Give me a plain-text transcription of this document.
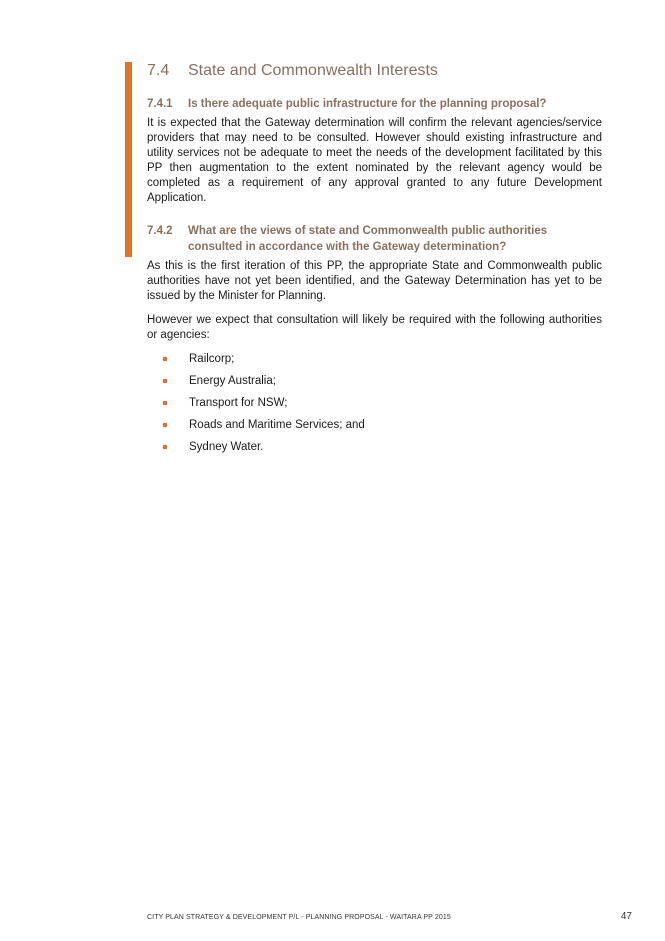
7.4 State and Commonwealth Interests
7.4.1	Is there adequate public infrastructure for the planning proposal?

It is expected that the Gateway determination will confirm the relevant agencies/service providers that may need to be consulted. However should existing infrastructure and utility services not be adequate to meet the needs of the development facilitated by this PP then augmentation to the extent nominated by the relevant agency would be completed as a requirement of any approval granted to any future Development Application.

7.4.2	What are the views of state and Commonwealth public authorities consulted in accordance with the Gateway determination?

As this is the first iteration of this PP, the appropriate State and Commonwealth public authorities have not yet been identified, and the Gateway Determination has yet to be issued by the Minister for Planning.

However we expect that consultation will likely be required with the following authorities or agencies:

Railcorp;
Energy Australia;
Transport for NSW;
Roads and Maritime Services; and
Sydney Water.
CITY PLAN STRATEGY & DEVELOPMENT P/L - PLANNING PROPOSAL - WAITARA PP 2015	47
